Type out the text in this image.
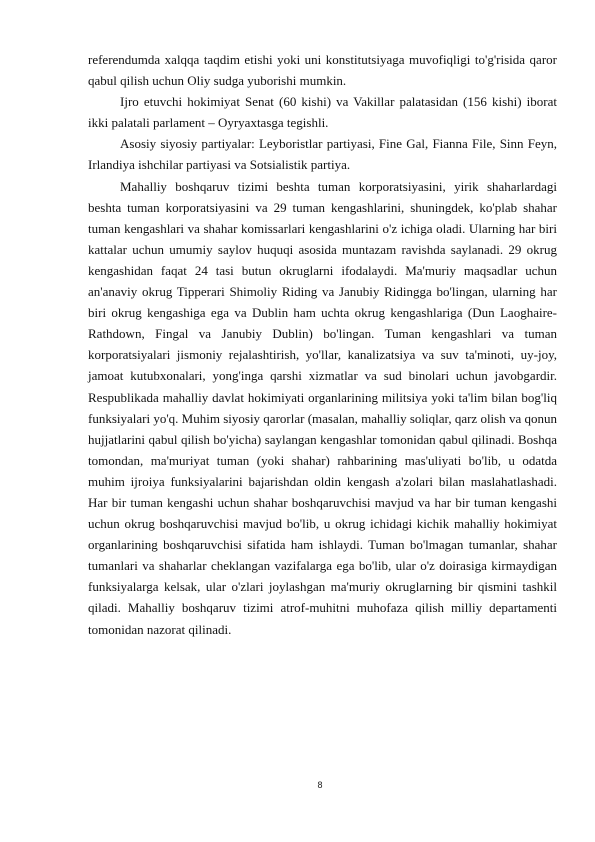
referendumda xalqqa taqdim etishi yoki uni konstitutsiyaga muvofiqligi to'g'risida qaror qabul qilish uchun Oliy sudga yuborishi mumkin.

Ijro etuvchi hokimiyat Senat (60 kishi) va Vakillar palatasidan (156 kishi) iborat ikki palatali parlament – Oyryaxtasga tegishli.

Asosiy siyosiy partiyalar: Leyboristlar partiyasi, Fine Gal, Fianna File, Sinn Feyn, Irlandiya ishchilar partiyasi va Sotsialistik partiya.

Mahalliy boshqaruv tizimi beshta tuman korporatsiyasini, yirik shaharlardagi beshta tuman korporatsiyasini va 29 tuman kengashlarini, shuningdek, ko'plab shahar tuman kengashlari va shahar komissarlari kengashlarini o'z ichiga oladi. Ularning har biri kattalar uchun umumiy saylov huquqi asosida muntazam ravishda saylanadi. 29 okrug kengashidan faqat 24 tasi butun okruglarni ifodalaydi. Ma'muriy maqsadlar uchun an'anaviy okrug Tipperari Shimoliy Riding va Janubiy Ridingga bo'lingan, ularning har biri okrug kengashiga ega va Dublin ham uchta okrug kengashlariga (Dun Laoghaire-Rathdown, Fingal va Janubiy Dublin) bo'lingan. Tuman kengashlari va tuman korporatsiyalari jismoniy rejalashtirish, yo'llar, kanalizatsiya va suv ta'minoti, uy-joy, jamoat kutubxonalari, yong'inga qarshi xizmatlar va sud binolari uchun javobgardir. Respublikada mahalliy davlat hokimiyati organlarining militsiya yoki ta'lim bilan bog'liq funksiyalari yo'q. Muhim siyosiy qarorlar (masalan, mahalliy soliqlar, qarz olish va qonun hujjatlarini qabul qilish bo'yicha) saylangan kengashlar tomonidan qabul qilinadi. Boshqa tomondan, ma'muriyat tuman (yoki shahar) rahbarining mas'uliyati bo'lib, u odatda muhim ijroiya funksiyalarini bajarishdan oldin kengash a'zolari bilan maslahatlashadi. Har bir tuman kengashi uchun shahar boshqaruvchisi mavjud va har bir tuman kengashi uchun okrug boshqaruvchisi mavjud bo'lib, u okrug ichidagi kichik mahalliy hokimiyat organlarining boshqaruvchisi sifatida ham ishlaydi. Tuman bo'lmagan tumanlar, shahar tumanlari va shaharlar cheklangan vazifalarga ega bo'lib, ular o'z doirasiga kirmaydigan funksiyalarga kelsak, ular o'zlari joylashgan ma'muriy okruglarning bir qismini tashkil qiladi. Mahalliy boshqaruv tizimi atrof-muhitni muhofaza qilish milliy departamenti tomonidan nazorat qilinadi.

8
